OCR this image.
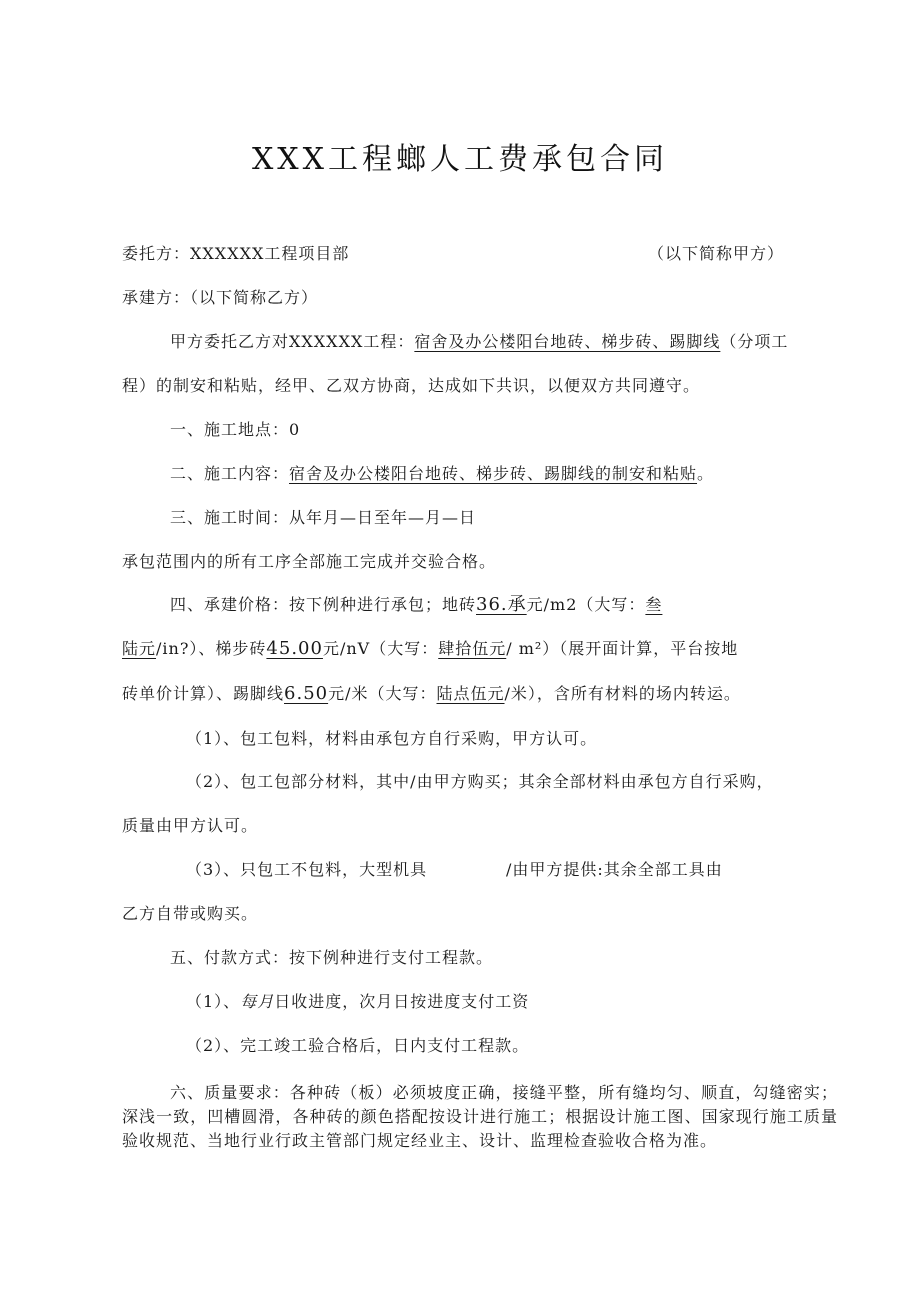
XXX工程螂人工费承包合同
委托方：XXXXXX工程项目部	（以下简称甲方）
承建方：（以下简称乙方）
甲方委托乙方对XXXXXX工程：宿舍及办公楼阳台地砖、梯步砖、踢脚线（分项工
程）的制安和粘贴，经甲、乙双方协商，达成如下共识，以便双方共同遵守。
一、施工地点：0
二、施工内容：宿舍及办公楼阳台地砖、梯步砖、踢脚线的制安和粘贴。
三、施工时间：从年月—日至年—月—日
承包范围内的所有工序全部施工完成并交验合格。
四、承建价格：按下例种进行承包；地砖36.承元/m2（大写：叁
陆元/in?）、梯步砖45.00元/nV（大写：肆拾伍元/ m²）（展开面计算，平台按地
砖单价计算）、踢脚线6.50元/米（大写：陆点伍元/米），含所有材料的场内转运。
（1）、包工包料，材料由承包方自行采购，甲方认可。
（2）、包工包部分材料，其中/由甲方购买；其余全部材料由承包方自行采购，
质量由甲方认可。
（3）、只包工不包料，大型机具	/由甲方提供:其余全部工具由
乙方自带或购买。
五、付款方式：按下例种进行支付工程款。
（1）、每月日收进度，次月日按进度支付工资
（2）、完工竣工验合格后，日内支付工程款。
六、质量要求：各种砖（板）必须坡度正确，接缝平整，所有缝均匀、顺直，勾缝密实；深浅一致，凹槽圆滑，各种砖的颜色搭配按设计进行施工；根据设计施工图、国家现行施工质量验收规范、当地行业行政主管部门规定经业主、设计、监理检查验收合格为准。
